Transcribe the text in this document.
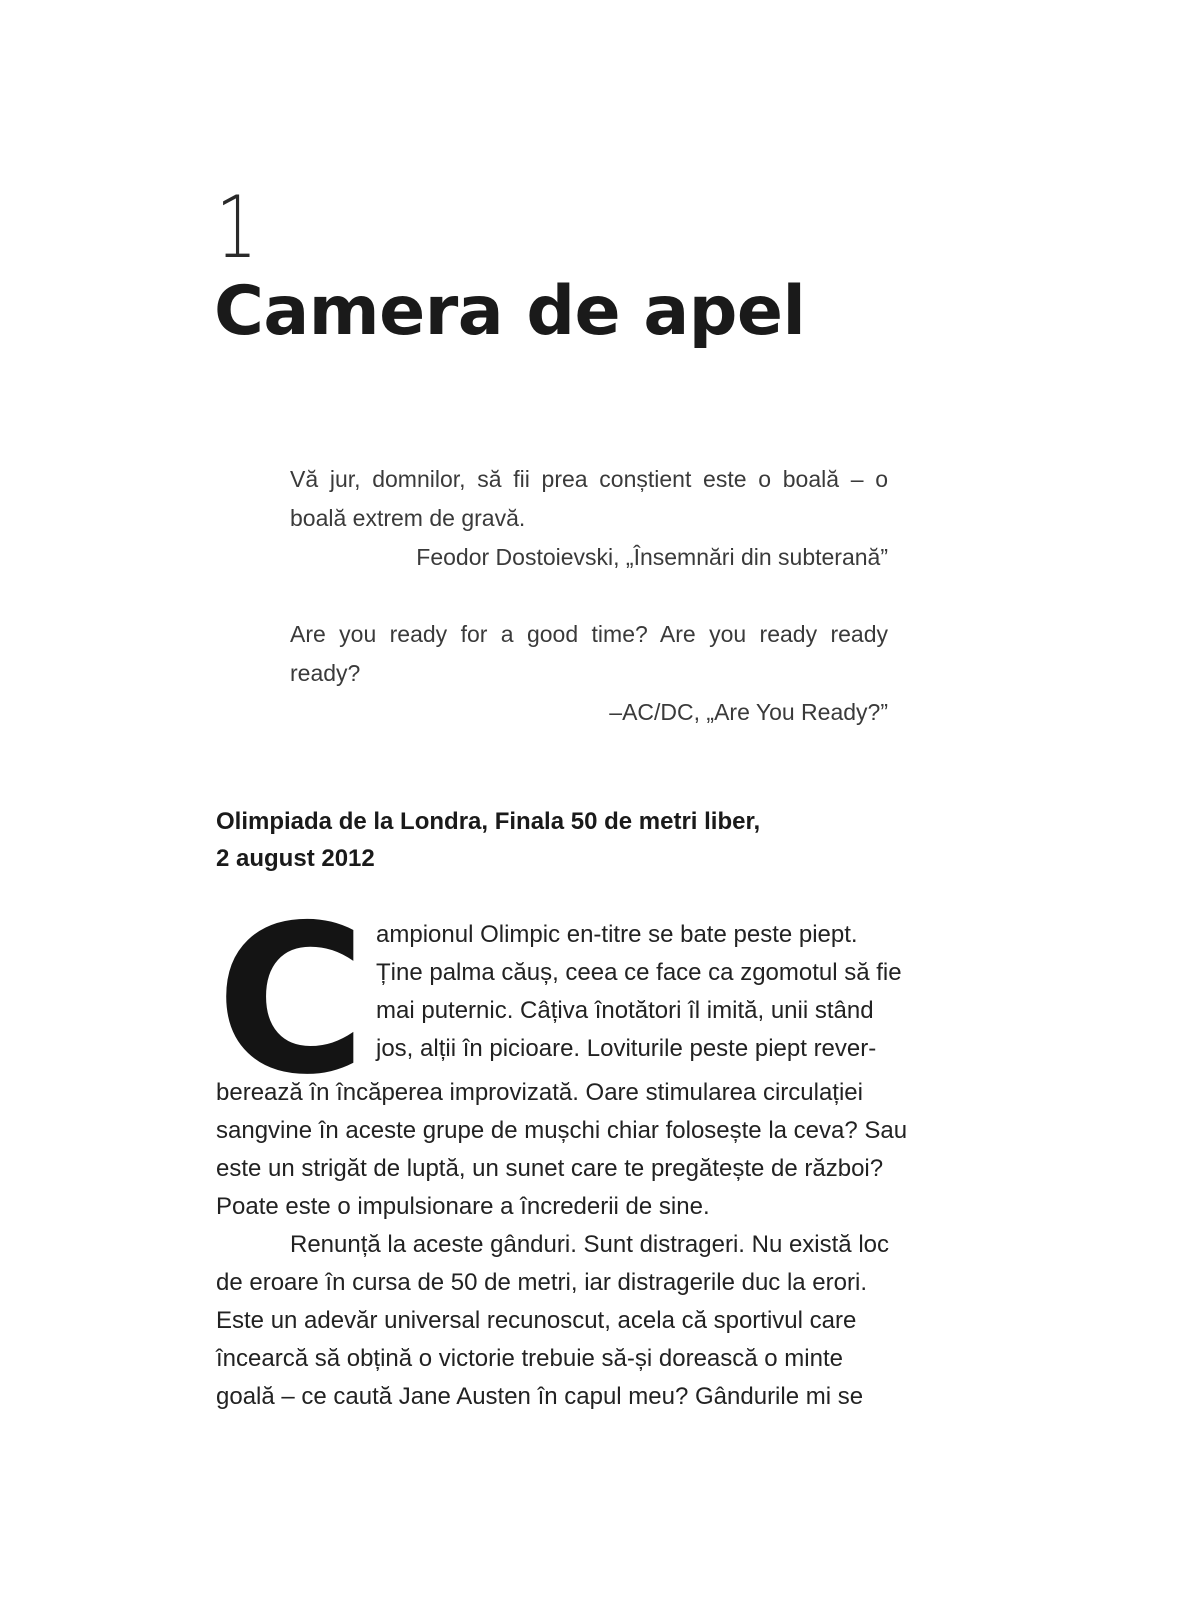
1
Camera de apel

Vă jur, domnilor, să fii prea conștient este o boală – o boală extrem de gravă.

Feodor Dostoievski, „Însemnări din subterană”

Are you ready for a good time? Are you ready ready ready?

–AC/DC, „Are You Ready?”

Olimpiada de la Londra, Finala 50 de metri liber,
2 august 2012

C ampionul Olimpic en-titre se bate peste piept.
Ține palma căuș, ceea ce face ca zgomotul să fie
mai puternic. Câțiva înotători îl imită, unii stând
jos, alții în picioare. Loviturile peste piept rever-
berează în încăperea improvizată. Oare stimularea circulației
sangvine în aceste grupe de mușchi chiar folosește la ceva? Sau
este un strigăt de luptă, un sunet care te pregătește de război?
Poate este o impulsionare a încrederii de sine.

Renunță la aceste gânduri. Sunt distrageri. Nu există loc
de eroare în cursa de 50 de metri, iar distragerile duc la erori.
Este un adevăr universal recunoscut, acela că sportivul care
încearcă să obțină o victorie trebuie să-și dorească o minte
goală – ce caută Jane Austen în capul meu? Gândurile mi se
